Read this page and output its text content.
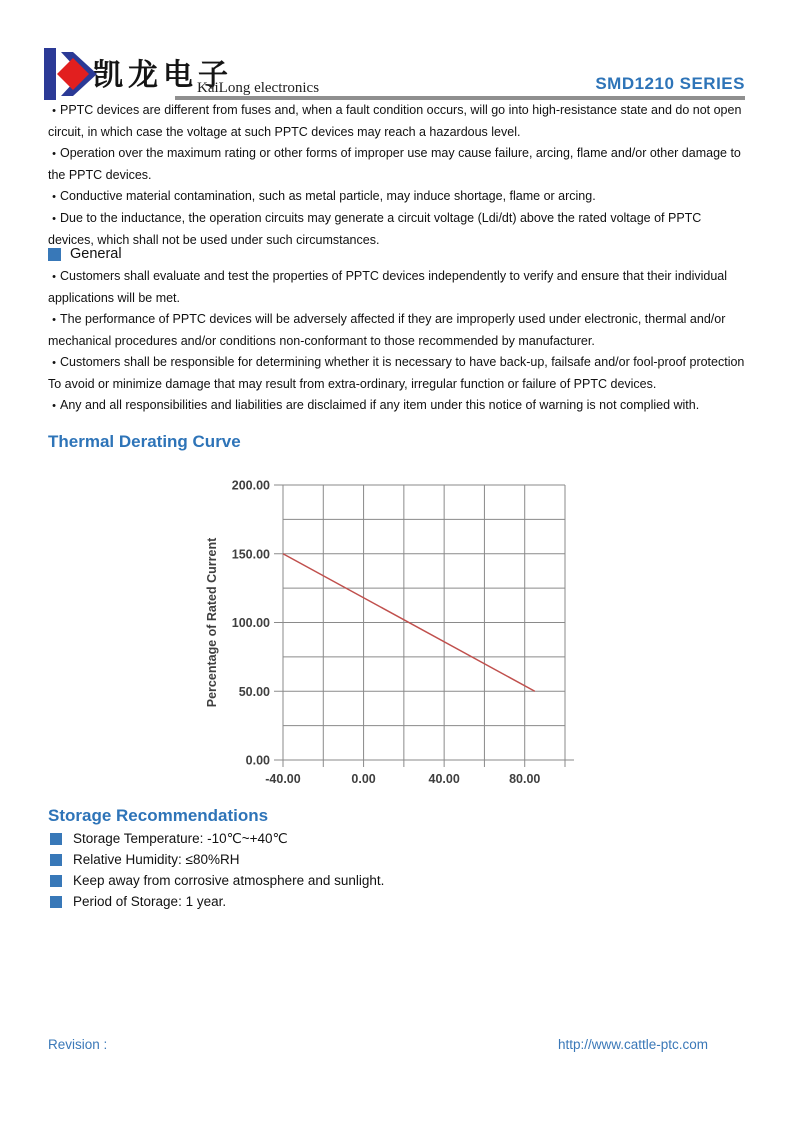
凯龙电子
KaiLong electronics	SMD1210 SERIES

• PPTC devices are different from fuses and, when a fault condition occurs, will go into high-resistance state and do not open circuit, in which case the voltage at such PPTC devices may reach a hazardous level.

• Operation over the maximum rating or other forms of improper use may cause failure, arcing, flame and/or other damage to the PPTC devices.

• Conductive material contamination, such as metal particle, may induce shortage, flame or arcing.

• Due to the inductance, the operation circuits may generate a circuit voltage (Ldi/dt) above the rated voltage of PPTC devices, which shall not be used under such circumstances.

General

• Customers shall evaluate and test the properties of PPTC devices independently to verify and ensure that their individual applications will be met.

• The performance of PPTC devices will be adversely affected if they are improperly used under electronic, thermal and/or mechanical procedures and/or conditions non-conformant to those recommended by manufacturer.

• Customers shall be responsible for determining whether it is necessary to have back-up, failsafe and/or fool-proof protection To avoid or minimize damage that may result from extra-ordinary, irregular function or failure of PPTC devices.

• Any and all responsibilities and liabilities are disclaimed if any item under this notice of warning is not complied with.

Thermal Derating Curve
-40.00	0.00	40.00	80.00
0.00
50.00
100.00
150.00
200.00
Percentage of Rated Current
Storage Recommendations
Storage Temperature: -10℃~+40℃
Relative Humidity: ≤80%RH
Keep away from corrosive atmosphere and sunlight.
Period of Storage: 1 year.
Revision :	http://www.cattle-ptc.com
